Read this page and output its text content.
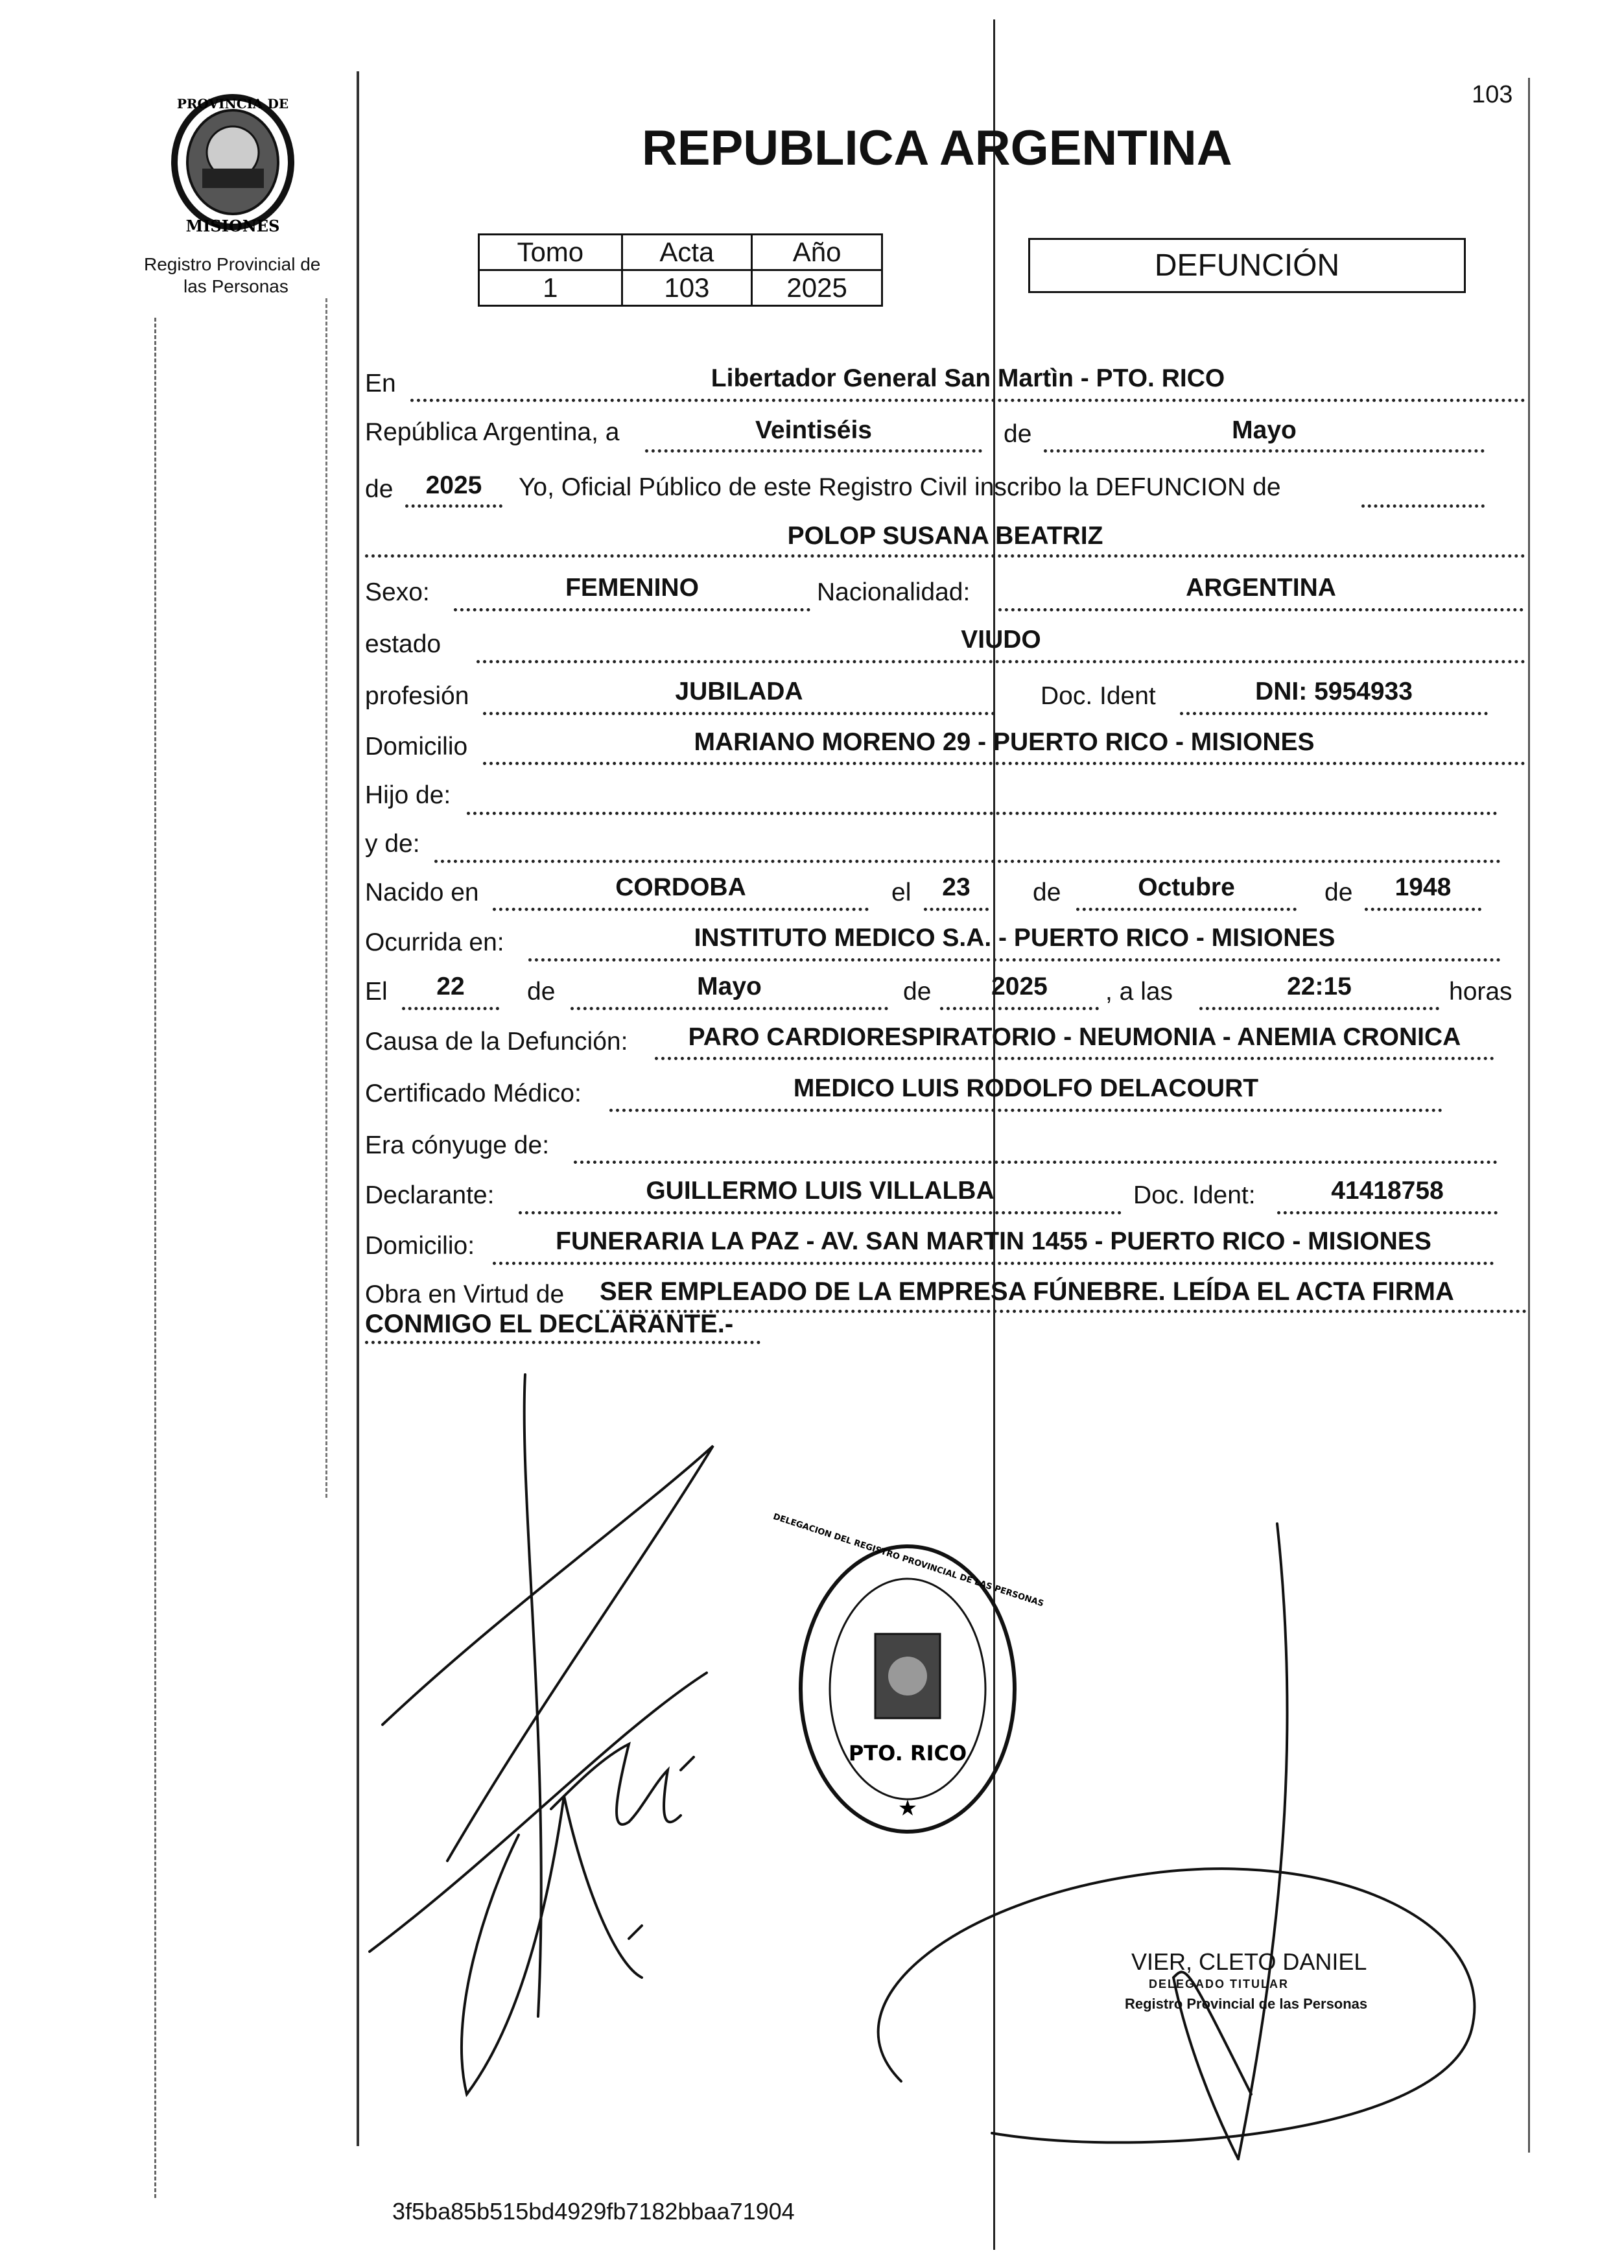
103
PROVINCIA DE
MISIONES
Registro Provincial de
las Personas
REPUBLICA ARGENTINA
Tomo	Acta	Año
1	103	2025
DEFUNCIÓN
En	Libertador General San Martìn - PTO. RICO
República Argentina, a	Veintiséis	de	Mayo
de	2025	Yo, Oficial Público de este Registro Civil inscribo la DEFUNCION de
POLOP SUSANA BEATRIZ
Sexo:	FEMENINO	Nacionalidad:	ARGENTINA
estado	VIUDO
profesión	JUBILADA	Doc. Ident	DNI: 5954933
Domicilio	MARIANO MORENO 29 - PUERTO RICO - MISIONES
Hijo de:
y de:
Nacido en	CORDOBA	el	23	de	Octubre	de	1948
Ocurrida en:	INSTITUTO MEDICO S.A. - PUERTO RICO - MISIONES
El	22	de	Mayo	de	2025	, a las	22:15	horas
Causa de la Defunción:	PARO CARDIORESPIRATORIO - NEUMONIA - ANEMIA CRONICA
Certificado Médico:	MEDICO LUIS RODOLFO DELACOURT
Era cónyuge de:
Declarante:	GUILLERMO LUIS VILLALBA	Doc. Ident:	41418758
Domicilio:	FUNERARIA LA PAZ - AV. SAN MARTIN 1455 - PUERTO RICO - MISIONES
Obra en Virtud de SER EMPLEADO DE LA EMPRESA FÚNEBRE. LEÍDA EL ACTA FIRMA
CONMIGO EL DECLARANTE.-
DELEGACION DEL REGISTRO PROVINCIAL DE LAS PERSONAS
PTO. RICO
★
VIER, CLETO DANIEL
DELEGADO TITULAR
Registro Provincial de las Personas
3f5ba85b515bd4929fb7182bbaa71904
